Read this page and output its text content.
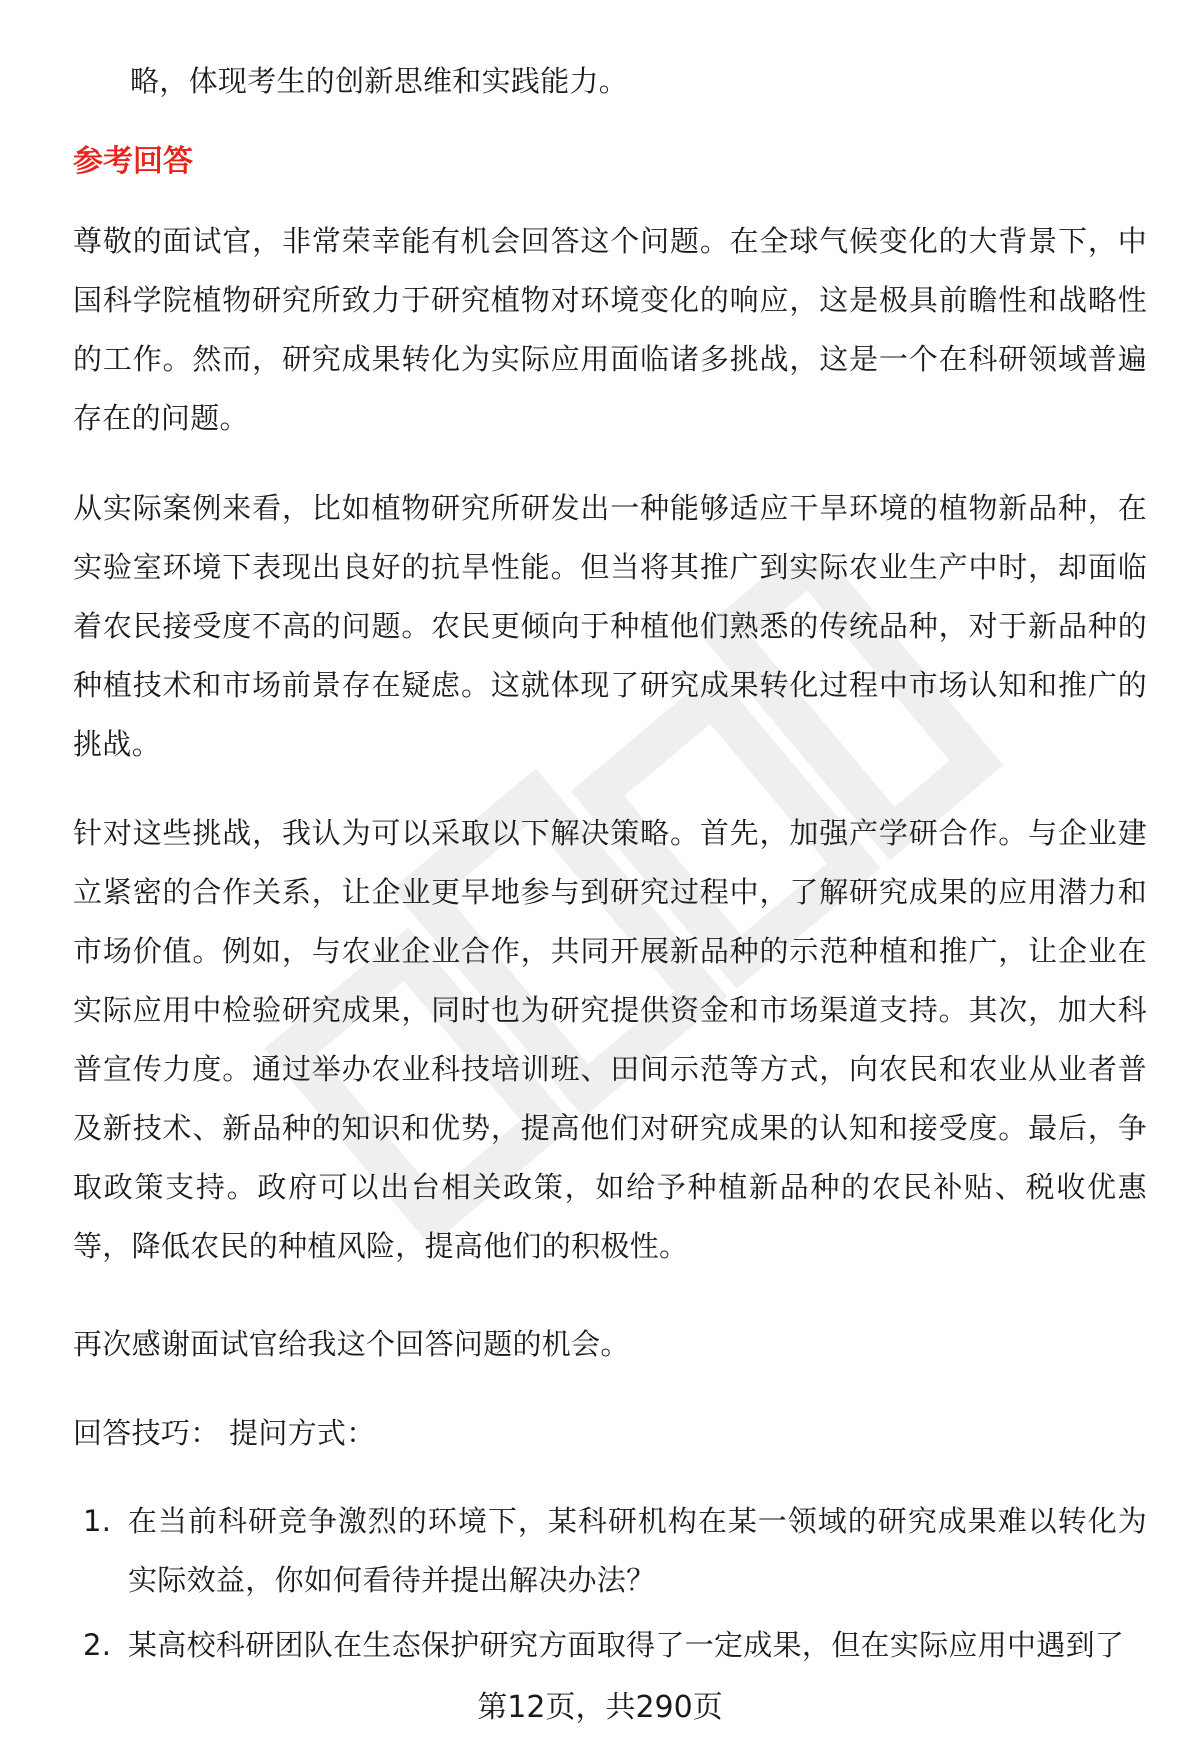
略，体现考生的创新思维和实践能力。
参考回答

尊敬的面试官，非常荣幸能有机会回答这个问题。在全球气候变化的大背景下，中国科学院植物研究所致力于研究植物对环境变化的响应，这是极具前瞻性和战略性的工作。然而，研究成果转化为实际应用面临诸多挑战，这是一个在科研领域普遍存在的问题。

从实际案例来看，比如植物研究所研发出一种能够适应干旱环境的植物新品种，在实验室环境下表现出良好的抗旱性能。但当将其推广到实际农业生产中时，却面临着农民接受度不高的问题。农民更倾向于种植他们熟悉的传统品种，对于新品种的种植技术和市场前景存在疑虑。这就体现了研究成果转化过程中市场认知和推广的挑战。

针对这些挑战，我认为可以采取以下解决策略。首先，加强产学研合作。与企业建立紧密的合作关系，让企业更早地参与到研究过程中，了解研究成果的应用潜力和市场价值。例如，与农业企业合作，共同开展新品种的示范种植和推广，让企业在实际应用中检验研究成果，同时也为研究提供资金和市场渠道支持。其次，加大科普宣传力度。通过举办农业科技培训班、田间示范等方式，向农民和农业从业者普及新技术、新品种的知识和优势，提高他们对研究成果的认知和接受度。最后，争取政策支持。政府可以出台相关政策，如给予种植新品种的农民补贴、税收优惠等，降低农民的种植风险，提高他们的积极性。

再次感谢面试官给我这个回答问题的机会。

回答技巧： 提问方式：

1. 在当前科研竞争激烈的环境下，某科研机构在某一领域的研究成果难以转化为实际效益，你如何看待并提出解决办法？
2. 某高校科研团队在生态保护研究方面取得了一定成果，但在实际应用中遇到了
第12页，共290页
